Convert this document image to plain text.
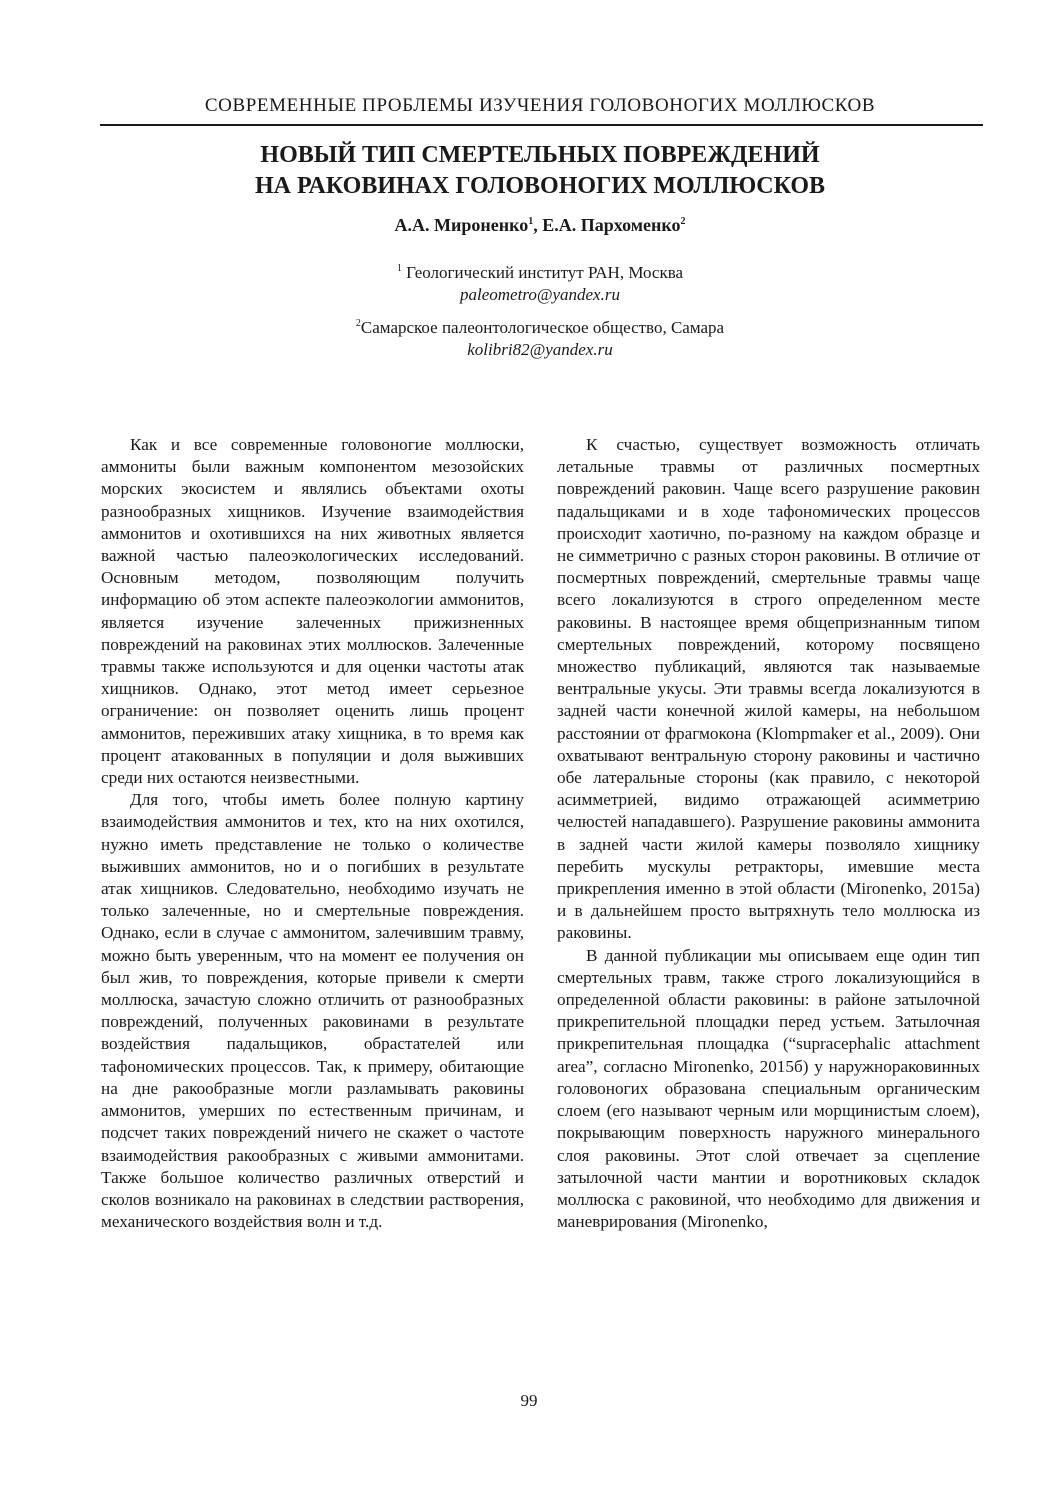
СОВРЕМЕННЫЕ ПРОБЛЕМЫ ИЗУЧЕНИЯ ГОЛОВОНОГИХ МОЛЛЮСКОВ
НОВЫЙ ТИП СМЕРТЕЛЬНЫХ ПОВРЕЖДЕНИЙ
НА РАКОВИНАХ ГОЛОВОНОГИХ МОЛЛЮСКОВ
А.А. Мироненко$^1$, Е.А. Пархоменко$^2$
$^1$ Геологический институт РАН, Москва
paleometro@yandex.ru
$^2$Самарское палеонтологическое общество, Самара
kolibri82@yandex.ru

Как и все современные головоногие моллюски, аммониты были важным компонентом мезозойских морских экосистем и являлись объектами охоты разнообразных хищников. Изучение взаимодействия аммонитов и охотившихся на них животных является важной частью палеоэкологических исследований. Основным методом, позволяющим получить информацию об этом аспекте палеоэкологии аммонитов, является изучение залеченных прижизненных повреждений на раковинах этих моллюсков. Залеченные травмы также используются и для оценки частоты атак хищников. Однако, этот метод имеет серьезное ограничение: он позволяет оценить лишь процент аммонитов, переживших атаку хищника, в то время как процент атакованных в популяции и доля выживших среди них остаются неизвестными.

Для того, чтобы иметь более полную картину взаимодействия аммонитов и тех, кто на них охотился, нужно иметь представление не только о количестве выживших аммонитов, но и о погибших в результате атак хищников. Следовательно, необходимо изучать не только залеченные, но и смертельные повреждения. Однако, если в случае с аммонитом, залечившим травму, можно быть уверенным, что на момент ее получения он был жив, то повреждения, которые привели к смерти моллюска, зачастую сложно отличить от разнообразных повреждений, полученных раковинами в результате воздействия падальщиков, обрастателей или тафономических процессов. Так, к примеру, обитающие на дне ракообразные могли разламывать раковины аммонитов, умерших по естественным причинам, и подсчет таких повреждений ничего не скажет о частоте взаимодействия ракообразных с живыми аммонитами. Также большое количество различных отверстий и сколов возникало на раковинах в следствии растворения, механического воздействия волн и т.д.

К счастью, существует возможность отличать летальные травмы от различных посмертных повреждений раковин. Чаще всего разрушение раковин падальщиками и в ходе тафономических процессов происходит хаотично, по-разному на каждом образце и не симметрично с разных сторон раковины. В отличие от посмертных повреждений, смертельные травмы чаще всего локализуются в строго определенном месте раковины. В настоящее время общепризнанным типом смертельных повреждений, которому посвящено множество публикаций, являются так называемые вентральные укусы. Эти травмы всегда локализуются в задней части конечной жилой камеры, на небольшом расстоянии от фрагмокона (Klompmaker et al., 2009). Они охватывают вентральную сторону раковины и частично обе латеральные стороны (как правило, с некоторой асимметрией, видимо отражающей асимметрию челюстей нападавшего). Разрушение раковины аммонита в задней части жилой камеры позволяло хищнику перебить мускулы ретракторы, имевшие места прикрепления именно в этой области (Mironenko, 2015a) и в дальнейшем просто вытряхнуть тело моллюска из раковины.

В данной публикации мы описываем еще один тип смертельных травм, также строго локализующийся в определенной области раковины: в районе затылочной прикрепительной площадки перед устьем. Затылочная прикрепительная площадка (“supracephalic attachment area”, согласно Mironenko, 2015б) у наружнораковинных головоногих образована специальным органическим слоем (его называют черным или морщинистым слоем), покрывающим поверхность наружного минерального слоя раковины. Этот слой отвечает за сцепление затылочной части мантии и воротниковых складок моллюска с раковиной, что необходимо для движения и маневрирования (Mironenko,

99
